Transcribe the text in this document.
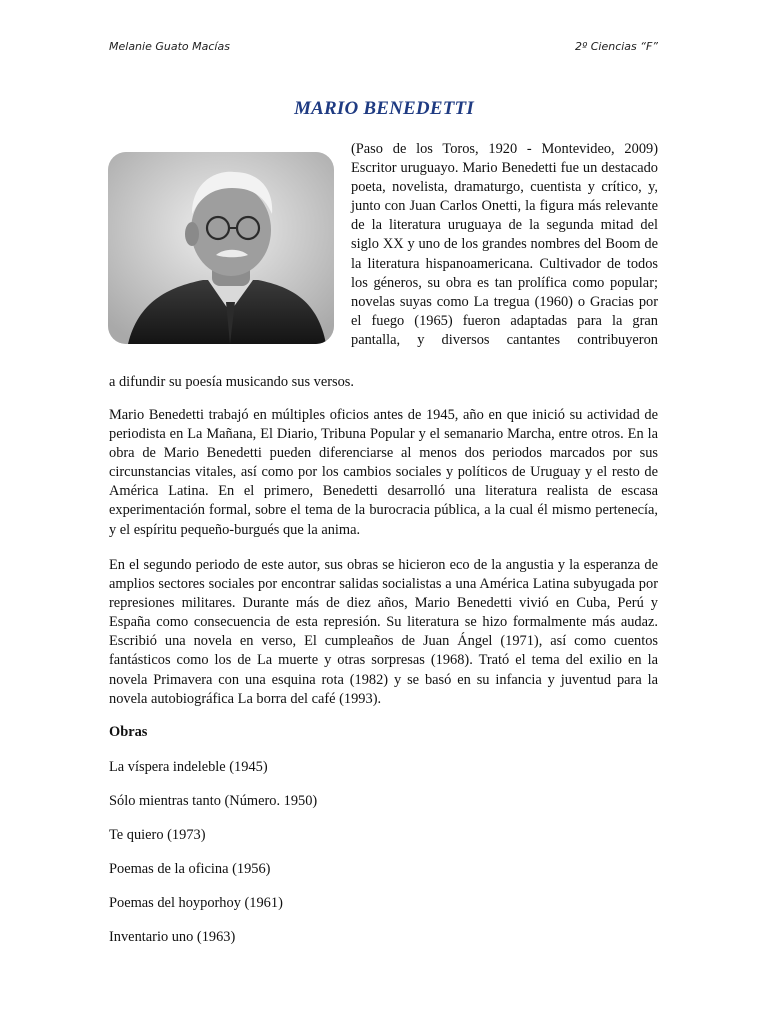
Melanie Guato Macías	2º Ciencias “F”
MARIO BENEDETTI
(Paso de los Toros, 1920 - Montevideo, 2009) Escritor uruguayo. Mario Benedetti fue un destacado poeta, novelista, dramaturgo, cuentista y crítico, y, junto con Juan Carlos Onetti, la figura más relevante de la literatura uruguaya de la segunda mitad del siglo XX y uno de los grandes nombres del Boom de la literatura hispanoamericana. Cultivador de todos los géneros, su obra es tan prolífica como popular; novelas suyas como La tregua (1960) o Gracias por el fuego (1965) fueron adaptadas para la gran pantalla, y diversos cantantes contribuyeron
a difundir su poesía musicando sus versos.
Mario Benedetti trabajó en múltiples oficios antes de 1945, año en que inició su actividad de periodista en La Mañana, El Diario, Tribuna Popular y el semanario Marcha, entre otros. En la obra de Mario Benedetti pueden diferenciarse al menos dos periodos marcados por sus circunstancias vitales, así como por los cambios sociales y políticos de Uruguay y el resto de América Latina. En el primero, Benedetti desarrolló una literatura realista de escasa experimentación formal, sobre el tema de la burocracia pública, a la cual él mismo pertenecía, y el espíritu pequeño-burgués que la anima.
En el segundo periodo de este autor, sus obras se hicieron eco de la angustia y la esperanza de amplios sectores sociales por encontrar salidas socialistas a una América Latina subyugada por represiones militares. Durante más de diez años, Mario Benedetti vivió en Cuba, Perú y España como consecuencia de esta represión. Su literatura se hizo formalmente más audaz. Escribió una novela en verso, El cumpleaños de Juan Ángel (1971), así como cuentos fantásticos como los de La muerte y otras sorpresas (1968). Trató el tema del exilio en la novela Primavera con una esquina rota (1982) y se basó en su infancia y juventud para la novela autobiográfica La borra del café (1993).
Obras
La víspera indeleble (1945)
Sólo mientras tanto (Número. 1950)
Te quiero (1973)
Poemas de la oficina (1956)
Poemas del hoyporhoy (1961)
Inventario uno (1963)
